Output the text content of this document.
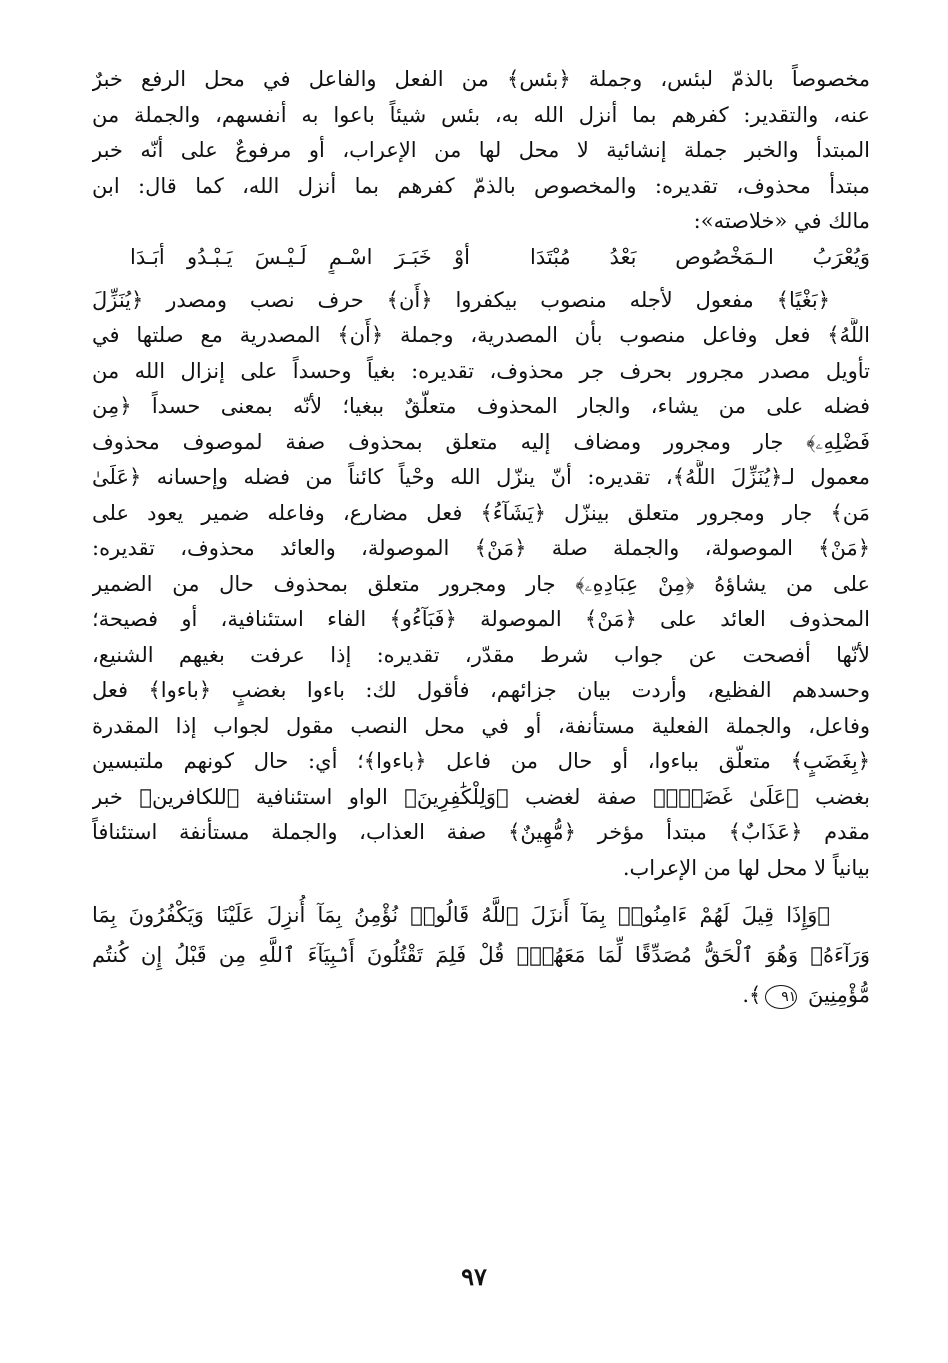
مخصوصاً بالذمّ لبئس، وجملة ﴿بئس﴾ من الفعل والفاعل في محل الرفع خبرٌ
عنه، والتقدير: كفرهم بما أنزل الله به، بئس شيئاً باعوا به أنفسهم، والجملة من
المبتدأ والخبر جملة إنشائية لا محل لها من الإعراب، أو مرفوعٌ على أنّه خبر
مبتدأ محذوف، تقديره: والمخصوص بالذمّ كفرهم بما أنزل الله، كما قال: ابن
مالك في «خلاصته»:
وَيُعْرَبُ الـمَخْصُوص بَعْدُ مُبْتَدَاأوْ خَبَـرَ اسْـمٍ لَـيْـسَ يَـبْـدُو أبَـدَا
﴿بَغْيًا﴾ مفعول لأجله منصوب بيكفروا ﴿أَن﴾ حرف نصب ومصدر ﴿يُنَزِّلَ
اللَّهُ﴾ فعل وفاعل منصوب بأن المصدرية، وجملة ﴿أَن﴾ المصدرية مع صلتها في
تأويل مصدر مجرور بحرف جر محذوف، تقديره: بغياً وحسداً على إنزال الله من
فضله على من يشاء، والجار المحذوف متعلّقٌ ببغيا؛ لأنّه بمعنى حسداً ﴿مِن
فَضْلِهِۦ﴾ جار ومجرور ومضاف إليه متعلق بمحذوف صفة لموصوف محذوف
معمول لـ﴿يُنَزِّلَ اللَّهُ﴾، تقديره: أنّ ينزّل الله وحْياً كائناً من فضله وإحسانه ﴿عَلَىٰ
مَن﴾ جار ومجرور متعلق بينزّل ﴿يَشَآءُ﴾ فعل مضارع، وفاعله ضمير يعود على
﴿مَنْ﴾ الموصولة، والجملة صلة ﴿مَنْ﴾ الموصولة، والعائد محذوف، تقديره:
على من يشاؤهُ ﴿مِنْ عِبَادِهِۦ﴾ جار ومجرور متعلق بمحذوف حال من الضمير
المحذوف العائد على ﴿مَنْ﴾ الموصولة ﴿فَبَآءُو﴾ الفاء استئنافية، أو فصيحة؛
لأنّها أفصحت عن جواب شرط مقدّر، تقديره: إذا عرفت بغيهم الشنيع،
وحسدهم الفظيع، وأردت بيان جزائهم، فأقول لك: باءوا بغضبٍ ﴿باءوا﴾ فعل
وفاعل، والجملة الفعلية مستأنفة، أو في محل النصب مقول لجواب إذا المقدرة
﴿بِغَضَبٍ﴾ متعلّق بباءوا، أو حال من فاعل ﴿باءوا﴾؛ أي: حال كونهم ملتبسين
بغضب ﴿عَلَىٰ غَضَبٍۚ﴾ صفة لغضب ﴿وَلِلْكَٰفِرِينَ﴾ الواو استئنافية ﴿للكافرين﴾ خبر
مقدم ﴿عَذَابٌ﴾ مبتدأ مؤخر ﴿مُّهِينٌ﴾ صفة العذاب، والجملة مستأنفة استئنافاً
بيانياً لا محل لها من الإعراب.
﴿وَإِذَا قِيلَ لَهُمْ ءَامِنُوا۟ بِمَآ أَنزَلَ ٱللَّهُ قَالُوا۟ نُؤْمِنُ بِمَآ أُنزِلَ عَلَيْنَا وَيَكْفُرُونَ بِمَا
وَرَآءَهُۥ وَهُوَ ٱلْحَقُّ مُصَدِّقًا لِّمَا مَعَهُمْۗ قُلْ فَلِمَ تَقْتُلُونَ أَنۢبِيَآءَ ٱللَّهِ مِن قَبْلُ إِن كُنتُم
مُّؤْمِنِينَ ٩١﴾.
٩٧
